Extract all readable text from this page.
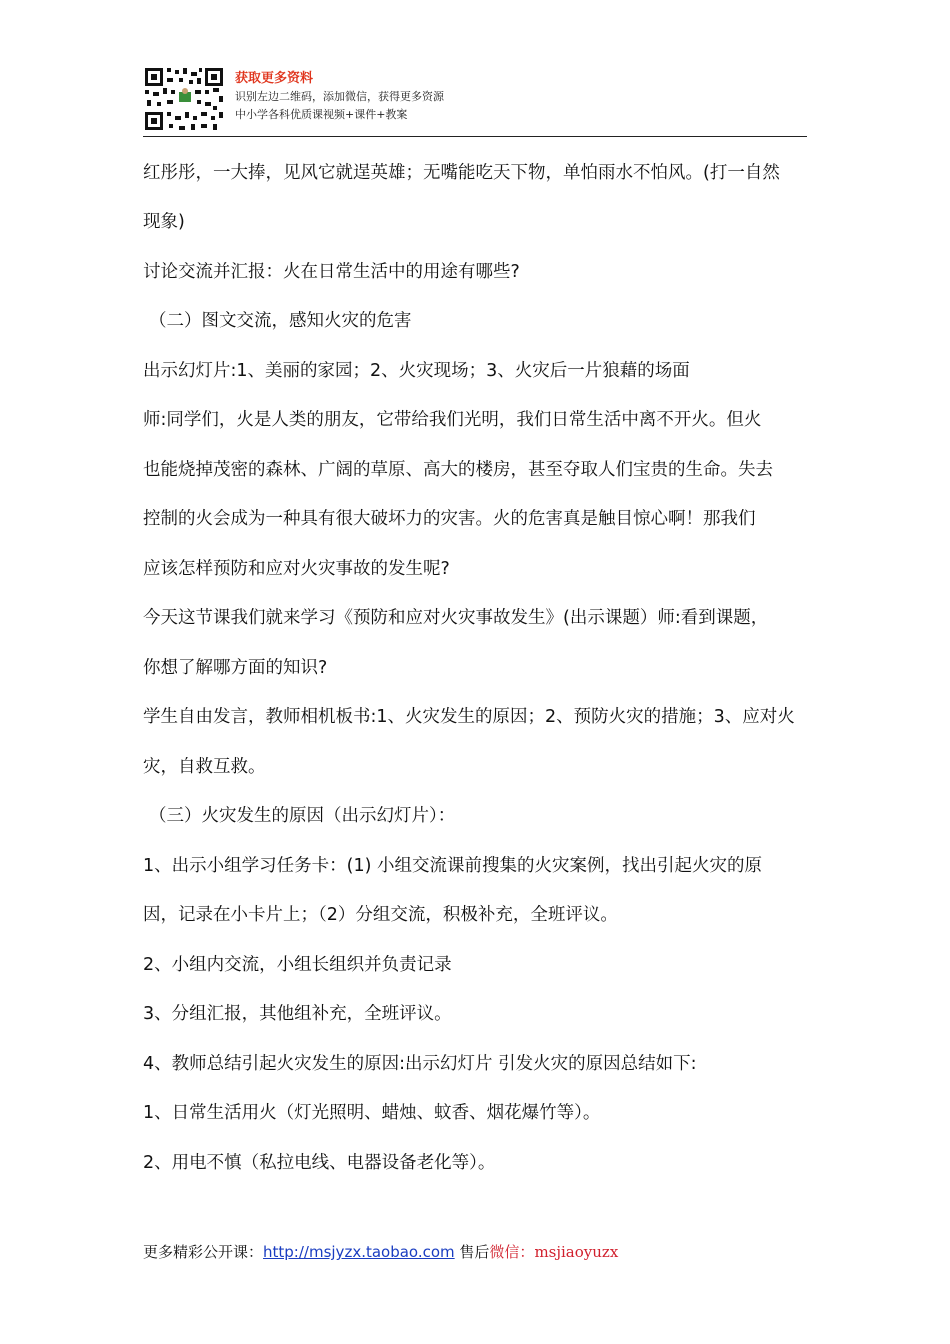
获取更多资料
识别左边二维码，添加微信，获得更多资源
中小学各科优质课视频+课件+教案

红彤彤，一大捧，见风它就逞英雄；无嘴能吃天下物，单怕雨水不怕风。(打一自然

现象)

讨论交流并汇报：火在日常生活中的用途有哪些?

（二）图文交流，感知火灾的危害

出示幻灯片:1、美丽的家园；2、火灾现场；3、火灾后一片狼藉的场面

师:同学们，火是人类的朋友，它带给我们光明，我们日常生活中离不开火。但火

也能烧掉茂密的森林、广阔的草原、高大的楼房，甚至夺取人们宝贵的生命。失去

控制的火会成为一种具有很大破坏力的灾害。火的危害真是触目惊心啊！那我们

应该怎样预防和应对火灾事故的发生呢?

今天这节课我们就来学习《预防和应对火灾事故发生》(出示课题）师:看到课题，

你想了解哪方面的知识?

学生自由发言，教师相机板书:1、火灾发生的原因；2、预防火灾的措施；3、应对火

灾，自救互救。

（三）火灾发生的原因（出示幻灯片）：

1、出示小组学习任务卡：(1) 小组交流课前搜集的火灾案例，找出引起火灾的原

因，记录在小卡片上；（2）分组交流，积极补充，全班评议。

2、小组内交流，小组长组织并负责记录

3、分组汇报，其他组补充，全班评议。

4、教师总结引起火灾发生的原因:出示幻灯片 引发火灾的原因总结如下:

1、日常生活用火（灯光照明、蜡烛、蚊香、烟花爆竹等）。

2、用电不慎（私拉电线、电器设备老化等）。

更多精彩公开课：http://msjyzx.taobao.com 售后微信：msjiaoyuzx
